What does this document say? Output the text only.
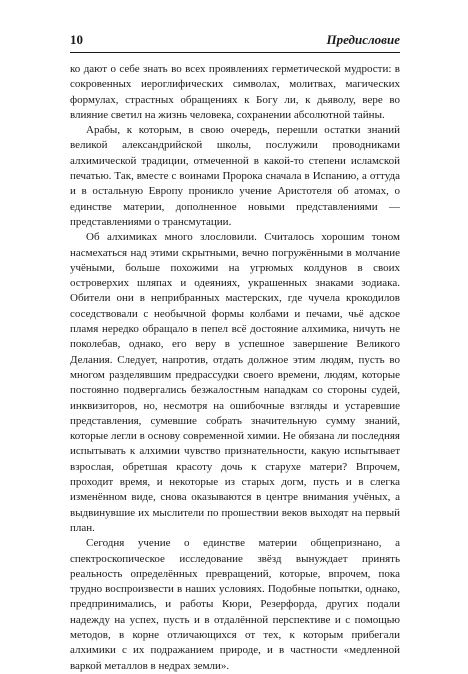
10	Предисловие

ко дают о себе знать во всех проявлениях герметической мудрости: в сокровенных иероглифических символах, молитвах, магических формулах, страстных обращениях к Богу ли, к дьяволу, вере во влияние светил на жизнь человека, сохранении абсолютной тайны.

Арабы, к которым, в свою очередь, перешли остатки знаний великой александрийской школы, послужили проводниками алхимической традиции, отмеченной в какой-то степени исламской печатью. Так, вместе с воинами Пророка сначала в Испанию, а оттуда и в остальную Европу проникло учение Аристотеля об атомах, о единстве материи, дополненное новыми представлениями — представлениями о трансмутации.

Об алхимиках много злословили. Считалось хорошим тоном насмехаться над этими скрытными, вечно погружёнными в молчание учёными, больше похожими на угрюмых колдунов в своих островерхих шляпах и одеяниях, украшенных знаками зодиака. Обители они в неприбранных мастерских, где чучела крокодилов соседствовали с необычной формы колбами и печами, чьё адское пламя нередко обращало в пепел всё достояние алхимика, ничуть не поколебав, однако, его веру в успешное завершение Великого Делания. Следует, напротив, отдать должное этим людям, пусть во многом разделявшим предрассудки своего времени, людям, которые постоянно подвергались безжалостным нападкам со стороны судей, инквизиторов, но, несмотря на ошибочные взгляды и устаревшие представления, сумевшие собрать значительную сумму знаний, которые легли в основу современной химии. Не обязана ли последняя испытывать к алхимии чувство признательности, какую испытывает взрослая, обретшая красоту дочь к старухе матери? Впрочем, проходит время, и некоторые из старых догм, пусть и в слегка изменённом виде, снова оказываются в центре внимания учёных, а выдвинувшие их мыслители по прошествии веков выходят на первый план.

Сегодня учение о единстве материи общепризнано, а спектроскопическое исследование звёзд вынуждает принять реальность определённых превращений, которые, впрочем, пока трудно воспроизвести в наших условиях. Подобные попытки, однако, предпринимались, и работы Кюри, Резерфорда, других подали надежду на успех, пусть и в отдалённой перспективе и с помощью методов, в корне отличающихся от тех, к которым прибегали алхимики с их подражанием природе, и в частности «медленной варкой металлов в недрах земли».
